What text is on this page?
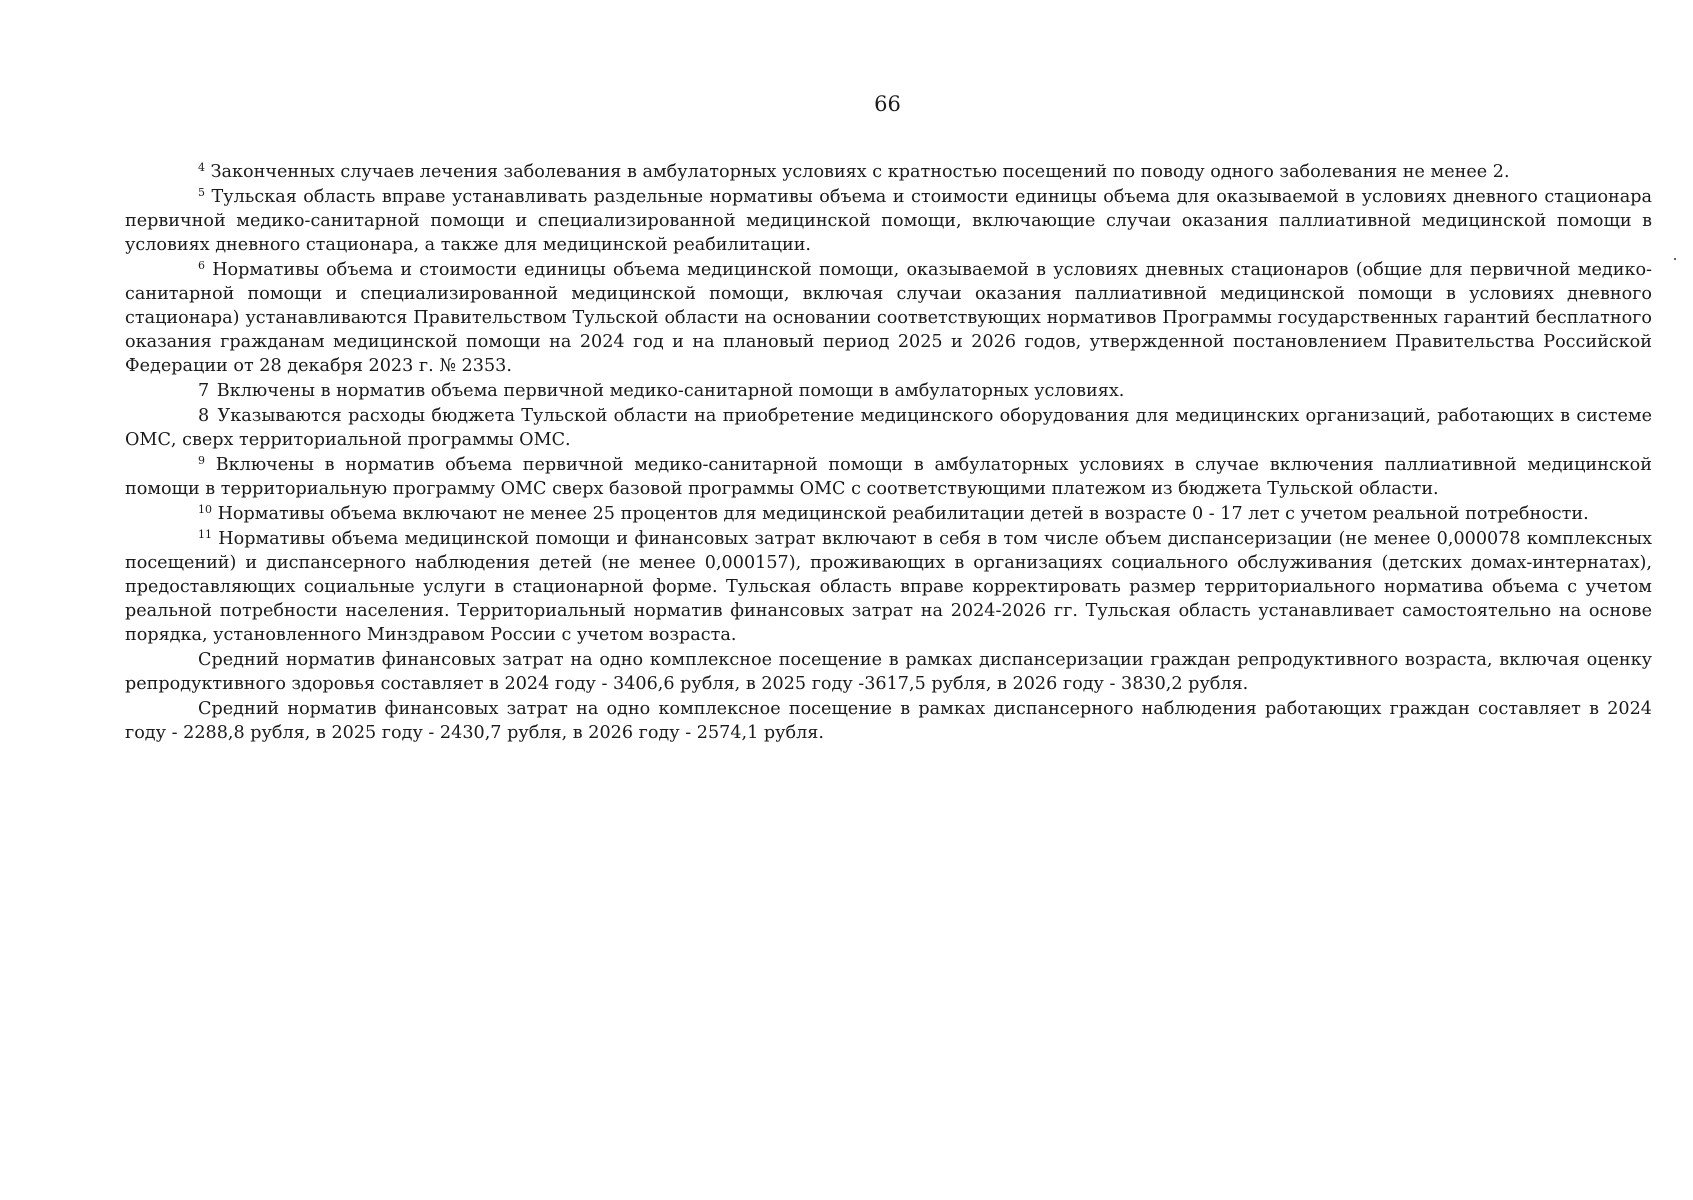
66

$^4$ Законченных случаев лечения заболевания в амбулаторных условиях с кратностью посещений по поводу одного заболевания не менее 2.

$^5$ Тульская область вправе устанавливать раздельные нормативы объема и стоимости единицы объема для оказываемой в условиях дневного стационара первичной медико-санитарной помощи и специализированной медицинской помощи, включающие случаи оказания паллиативной медицинской помощи в условиях дневного стационара, а также для медицинской реабилитации.

$^6$ Нормативы объема и стоимости единицы объема медицинской помощи, оказываемой в условиях дневных стационаров (общие для первичной медико-санитарной помощи и специализированной медицинской помощи, включая случаи оказания паллиативной медицинской помощи в условиях дневного стационара) устанавливаются Правительством Тульской области на основании соответствующих нормативов Программы государственных гарантий бесплатного оказания гражданам медицинской помощи на 2024 год и на плановый период 2025 и 2026 годов, утвержденной постановлением Правительства Российской Федерации от 28 декабря 2023 г. № 2353.

7 Включены в норматив объема первичной медико-санитарной помощи в амбулаторных условиях.

8 Указываются расходы бюджета Тульской области на приобретение медицинского оборудования для медицинских организаций, работающих в системе ОМС, сверх территориальной программы ОМС.

$^9$ Включены в норматив объема первичной медико-санитарной помощи в амбулаторных условиях в случае включения паллиативной медицинской помощи в территориальную программу ОМС сверх базовой программы ОМС с соответствующими платежом из бюджета Тульской области.

$^{10}$ Нормативы объема включают не менее 25 процентов для медицинской реабилитации детей в возрасте 0 - 17 лет с учетом реальной потребности.

$^{11}$ Нормативы объема медицинской помощи и финансовых затрат включают в себя в том числе объем диспансеризации (не менее 0,000078 комплексных посещений) и диспансерного наблюдения детей (не менее 0,000157), проживающих в организациях социального обслуживания (детских домах-интернатах), предоставляющих социальные услуги в стационарной форме. Тульская область вправе корректировать размер территориального норматива объема с учетом реальной потребности населения. Территориальный норматив финансовых затрат на 2024-2026 гг. Тульская область устанавливает самостоятельно на основе порядка, установленного Минздравом России с учетом возраста.

Средний норматив финансовых затрат на одно комплексное посещение в рамках диспансеризации граждан репродуктивного возраста, включая оценку репродуктивного здоровья составляет в 2024 году - 3406,6 рубля, в 2025 году -3617,5 рубля, в 2026 году - 3830,2 рубля.

Средний норматив финансовых затрат на одно комплексное посещение в рамках диспансерного наблюдения работающих граждан составляет в 2024 году - 2288,8 рубля, в 2025 году - 2430,7 рубля, в 2026 году - 2574,1 рубля.
